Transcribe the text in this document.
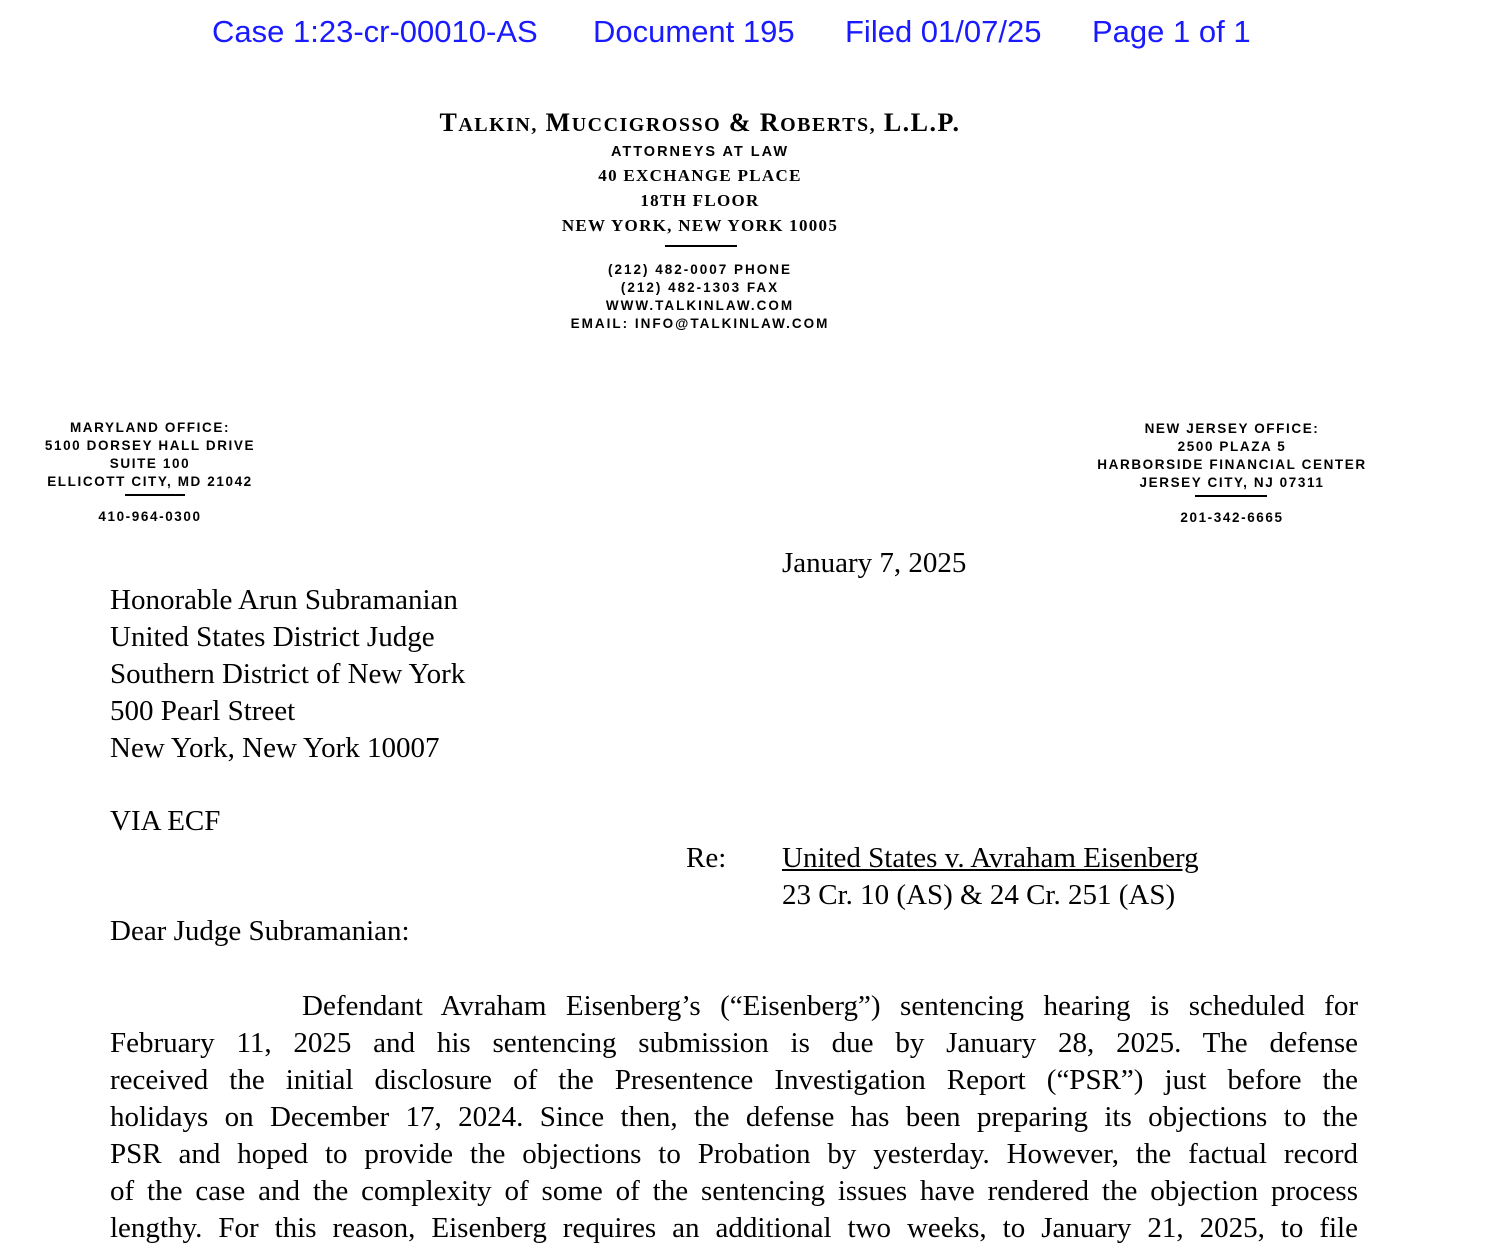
Case 1:23-cr-00010-AS Document 195 Filed 01/07/25 Page 1 of 1
TALKIN, MUCCIGROSSO & ROBERTS, L.L.P.
ATTORNEYS AT LAW
40 EXCHANGE PLACE
18TH FLOOR
NEW YORK, NEW YORK 10005
(212) 482-0007 PHONE
(212) 482-1303 FAX
WWW.TALKINLAW.COM
EMAIL: INFO@TALKINLAW.COM
MARYLAND OFFICE:
5100 DORSEY HALL DRIVE
SUITE 100
ELLICOTT CITY, MD 21042
410-964-0300
NEW JERSEY OFFICE:
2500 PLAZA 5
HARBORSIDE FINANCIAL CENTER
JERSEY CITY, NJ 07311
201-342-6665
January 7, 2025
Honorable Arun Subramanian
United States District Judge
Southern District of New York
500 Pearl Street
New York, New York 10007
VIA ECF
Re: United States v. Avraham Eisenberg
23 Cr. 10 (AS) & 24 Cr. 251 (AS)
Dear Judge Subramanian:
Defendant Avraham Eisenberg’s (“Eisenberg”) sentencing hearing is scheduled for
February 11, 2025 and his sentencing submission is due by January 28, 2025. The defense
received the initial disclosure of the Presentence Investigation Report (“PSR”) just before the
holidays on December 17, 2024. Since then, the defense has been preparing its objections to the
PSR and hoped to provide the objections to Probation by yesterday. However, the factual record
of the case and the complexity of some of the sentencing issues have rendered the objection process
lengthy. For this reason, Eisenberg requires an additional two weeks, to January 21, 2025, to file
